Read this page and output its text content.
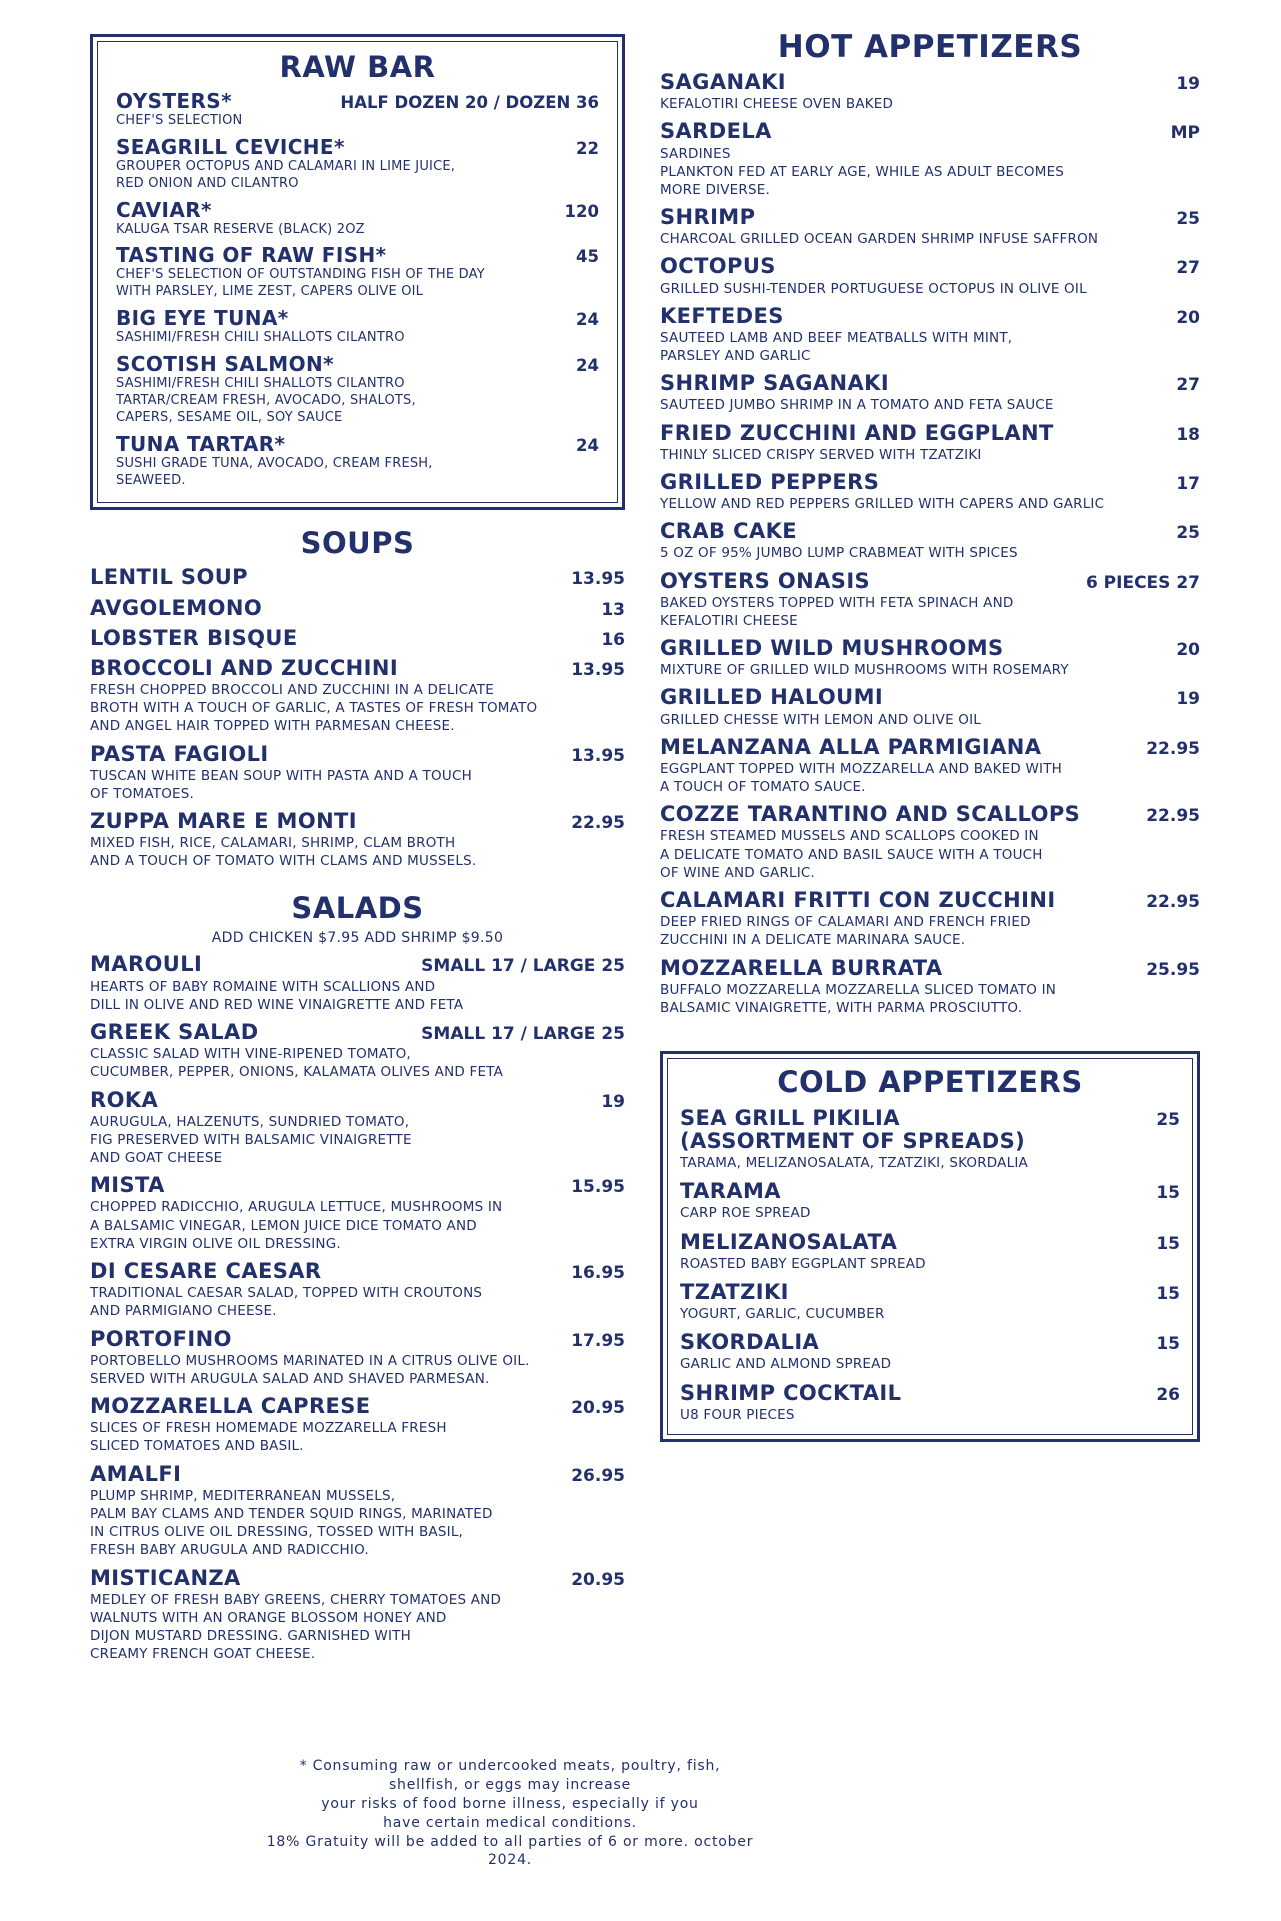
RAW BAR
OYSTERS*	HALF DOZEN 20 / DOZEN 36
CHEF'S SELECTION
SEAGRILL CEVICHE*	22
GROUPER OCTOPUS AND CALAMARI IN LIME JUICE,
RED ONION AND CILANTRO
CAVIAR*	120
KALUGA TSAR RESERVE (BLACK) 2OZ
TASTING OF RAW FISH*	45
CHEF'S SELECTION OF OUTSTANDING FISH OF THE DAY
WITH PARSLEY, LIME ZEST, CAPERS OLIVE OIL
BIG EYE TUNA*	24
SASHIMI/FRESH CHILI SHALLOTS CILANTRO
SCOTISH SALMON*	24
SASHIMI/FRESH CHILI SHALLOTS CILANTRO
TARTAR/CREAM FRESH, AVOCADO, SHALOTS,
CAPERS, SESAME OIL, SOY SAUCE
TUNA TARTAR*	24
SUSHI GRADE TUNA, AVOCADO, CREAM FRESH,
SEAWEED.
SOUPS
LENTIL SOUP	13.95
AVGOLEMONO	13
LOBSTER BISQUE	16
BROCCOLI AND ZUCCHINI	13.95
FRESH CHOPPED BROCCOLI AND ZUCCHINI IN A DELICATE
BROTH WITH A TOUCH OF GARLIC, A TASTES OF FRESH TOMATO
AND ANGEL HAIR TOPPED WITH PARMESAN CHEESE.
PASTA FAGIOLI	13.95
TUSCAN WHITE BEAN SOUP WITH PASTA AND A TOUCH
OF TOMATOES.
ZUPPA MARE E MONTI	22.95
MIXED FISH, RICE, CALAMARI, SHRIMP, CLAM BROTH
AND A TOUCH OF TOMATO WITH CLAMS AND MUSSELS.
SALADS
ADD CHICKEN $7.95 ADD SHRIMP $9.50
MAROULI	SMALL 17 / LARGE 25
HEARTS OF BABY ROMAINE WITH SCALLIONS AND
DILL IN OLIVE AND RED WINE VINAIGRETTE AND FETA
GREEK SALAD	SMALL 17 / LARGE 25
CLASSIC SALAD WITH VINE-RIPENED TOMATO,
CUCUMBER, PEPPER, ONIONS, KALAMATA OLIVES AND FETA
ROKA	19
AURUGULA, HALZENUTS, SUNDRIED TOMATO,
FIG PRESERVED WITH BALSAMIC VINAIGRETTE
AND GOAT CHEESE
MISTA	15.95
CHOPPED RADICCHIO, ARUGULA LETTUCE, MUSHROOMS IN
A BALSAMIC VINEGAR, LEMON JUICE DICE TOMATO AND
EXTRA VIRGIN OLIVE OIL DRESSING.
DI CESARE CAESAR	16.95
TRADITIONAL CAESAR SALAD, TOPPED WITH CROUTONS
AND PARMIGIANO CHEESE.
PORTOFINO	17.95
PORTOBELLO MUSHROOMS MARINATED IN A CITRUS OLIVE OIL.
SERVED WITH ARUGULA SALAD AND SHAVED PARMESAN.
MOZZARELLA CAPRESE	20.95
SLICES OF FRESH HOMEMADE MOZZARELLA FRESH
SLICED TOMATOES AND BASIL.
AMALFI	26.95
PLUMP SHRIMP, MEDITERRANEAN MUSSELS,
PALM BAY CLAMS AND TENDER SQUID RINGS, MARINATED
IN CITRUS OLIVE OIL DRESSING, TOSSED WITH BASIL,
FRESH BABY ARUGULA AND RADICCHIO.
MISTICANZA	20.95
MEDLEY OF FRESH BABY GREENS, CHERRY TOMATOES AND
WALNUTS WITH AN ORANGE BLOSSOM HONEY AND
DIJON MUSTARD DRESSING. GARNISHED WITH
CREAMY FRENCH GOAT CHEESE.
HOT APPETIZERS
SAGANAKI	19
KEFALOTIRI CHEESE OVEN BAKED
SARDELA	MP
SARDINES
PLANKTON FED AT EARLY AGE, WHILE AS ADULT BECOMES
MORE DIVERSE.
SHRIMP	25
CHARCOAL GRILLED OCEAN GARDEN SHRIMP INFUSE SAFFRON
OCTOPUS	27
GRILLED SUSHI-TENDER PORTUGUESE OCTOPUS IN OLIVE OIL
KEFTEDES	20
SAUTEED LAMB AND BEEF MEATBALLS WITH MINT,
PARSLEY AND GARLIC
SHRIMP SAGANAKI	27
SAUTEED JUMBO SHRIMP IN A TOMATO AND FETA SAUCE
FRIED ZUCCHINI AND EGGPLANT	18
THINLY SLICED CRISPY SERVED WITH TZATZIKI
GRILLED PEPPERS	17
YELLOW AND RED PEPPERS GRILLED WITH CAPERS AND GARLIC
CRAB CAKE	25
5 OZ OF 95% JUMBO LUMP CRABMEAT WITH SPICES
OYSTERS ONASIS	6 PIECES 27
BAKED OYSTERS TOPPED WITH FETA SPINACH AND
KEFALOTIRI CHEESE
GRILLED WILD MUSHROOMS	20
MIXTURE OF GRILLED WILD MUSHROOMS WITH ROSEMARY
GRILLED HALOUMI	19
GRILLED CHESSE WITH LEMON AND OLIVE OIL
MELANZANA ALLA PARMIGIANA	22.95
EGGPLANT TOPPED WITH MOZZARELLA AND BAKED WITH
A TOUCH OF TOMATO SAUCE.
COZZE TARANTINO AND SCALLOPS	22.95
FRESH STEAMED MUSSELS AND SCALLOPS COOKED IN
A DELICATE TOMATO AND BASIL SAUCE WITH A TOUCH
OF WINE AND GARLIC.
CALAMARI FRITTI CON ZUCCHINI	22.95
DEEP FRIED RINGS OF CALAMARI AND FRENCH FRIED
ZUCCHINI IN A DELICATE MARINARA SAUCE.
MOZZARELLA BURRATA	25.95
BUFFALO MOZZARELLA MOZZARELLA SLICED TOMATO IN
BALSAMIC VINAIGRETTE, WITH PARMA PROSCIUTTO.
COLD APPETIZERS
SEA GRILL PIKILIA
(ASSORTMENT OF SPREADS)
25
TARAMA, MELIZANOSALATA, TZATZIKI, SKORDALIA
TARAMA	15
CARP ROE SPREAD
MELIZANOSALATA	15
ROASTED BABY EGGPLANT SPREAD
TZATZIKI	15
YOGURT, GARLIC, CUCUMBER
SKORDALIA	15
GARLIC AND ALMOND SPREAD
SHRIMP COCKTAIL	26
U8 FOUR PIECES
* Consuming raw or undercooked meats, poultry, fish,
shellfish, or eggs may increase
your risks of food borne illness, especially if you
have certain medical conditions.
18% Gratuity will be added to all parties of 6 or more. october 2024.
